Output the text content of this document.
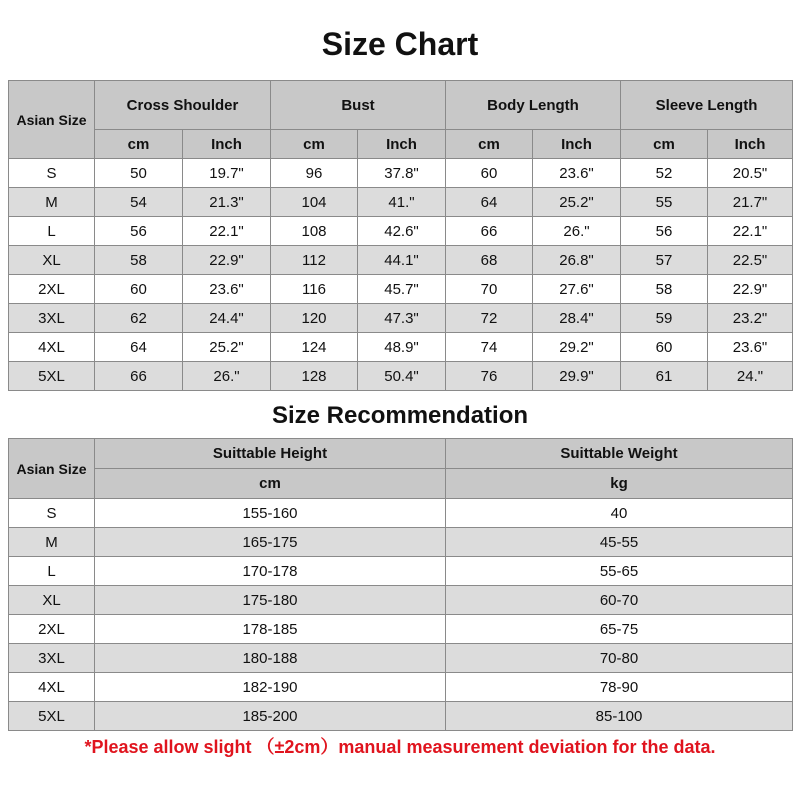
Size Chart
Asian Size	Cross Shoulder		Bust		Body Length		Sleeve Length	
	cm	Inch	cm	Inch	cm	Inch	cm	Inch
S	50	19.7"	96	37.8"	60	23.6"	52	20.5"
M	54	21.3"	104	41."	64	25.2"	55	21.7"
L	56	22.1"	108	42.6"	66	26."	56	22.1"
XL	58	22.9"	112	44.1"	68	26.8"	57	22.5"
2XL	60	23.6"	116	45.7"	70	27.6"	58	22.9"
3XL	62	24.4"	120	47.3"	72	28.4"	59	23.2"
4XL	64	25.2"	124	48.9"	74	29.2"	60	23.6"
5XL	66	26."	128	50.4"	76	29.9"	61	24."
Size Recommendation
Asian Size	Suittable Height	Suittable Weight
	cm	kg
S	155-160	40
M	165-175	45-55
L	170-178	55-65
XL	175-180	60-70
2XL	178-185	65-75
3XL	180-188	70-80
4XL	182-190	78-90
5XL	185-200	85-100
*Please allow slight （±2cm）manual measurement deviation for the data.
